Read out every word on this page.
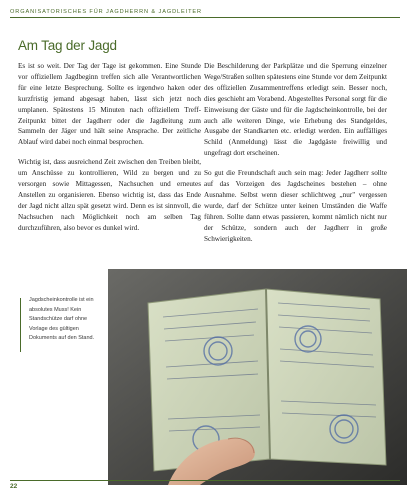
ORGANISATORISCHES FÜR JAGDHERRN & JAGDLEITER
Am Tag der Jagd

Es ist so weit. Der Tag der Tage ist gekommen. Eine Stunde vor offiziellem Jagdbeginn treffen sich alle Verantwortlichen für eine letzte Besprechung. Sollte es irgendwo haken oder kurzfristig jemand abgesagt haben, lässt sich jetzt noch umplanen. Spätestens 15 Minuten nach offiziellem Treff-Zeitpunkt bittet der Jagdherr oder die Jagdleitung zum Sammeln der Jäger und hält seine Ansprache. Der zeitliche Ablauf wird dabei noch einmal besprochen.

Wichtig ist, dass ausreichend Zeit zwischen den Treiben bleibt, um Anschüsse zu kontrollieren, Wild zu bergen und zu versorgen sowie Mittagessen, Nachsuchen und erneutes Anstellen zu organisieren. Ebenso wichtig ist, dass das Ende der Jagd nicht allzu spät gesetzt wird. Denn es ist sinnvoll, die Nachsuchen nach Möglichkeit noch am selben Tag durchzuführen, also bevor es dunkel wird.

Die Beschilderung der Parkplätze und die Sperrung einzelner Wege/Straßen sollten spätestens eine Stunde vor dem Zeitpunkt des offiziellen Zusammentreffens erledigt sein. Besser noch, dies geschieht am Vorabend. Abgestelltes Personal sorgt für die Einweisung der Gäste und für die Jagdscheinkontrolle, bei der auch alle weiteren Dinge, wie Erhebung des Standgeldes, Ausgabe der Standkarten etc. erledigt werden. Ein auffälliges Schild (Anmeldung) lässt die Jagdgäste freiwillig und ungefragt dort erscheinen.

So gut die Freundschaft auch sein mag: Jeder Jagdherr sollte auf das Vorzeigen des Jagdscheines bestehen – ohne Ausnahme. Selbst wenn dieser schlichtweg „nur" vergessen wurde, darf der Schütze unter keinen Umständen die Waffe führen. Sollte dann etwas passieren, kommt nämlich nicht nur der Schütze, sondern auch der Jagdherr in große Schwierigkeiten.

Jagdscheinkontrolle ist ein absolutes Muss! Kein Standschütze darf ohne Vorlage des gültigen Dokuments auf den Stand.
22
